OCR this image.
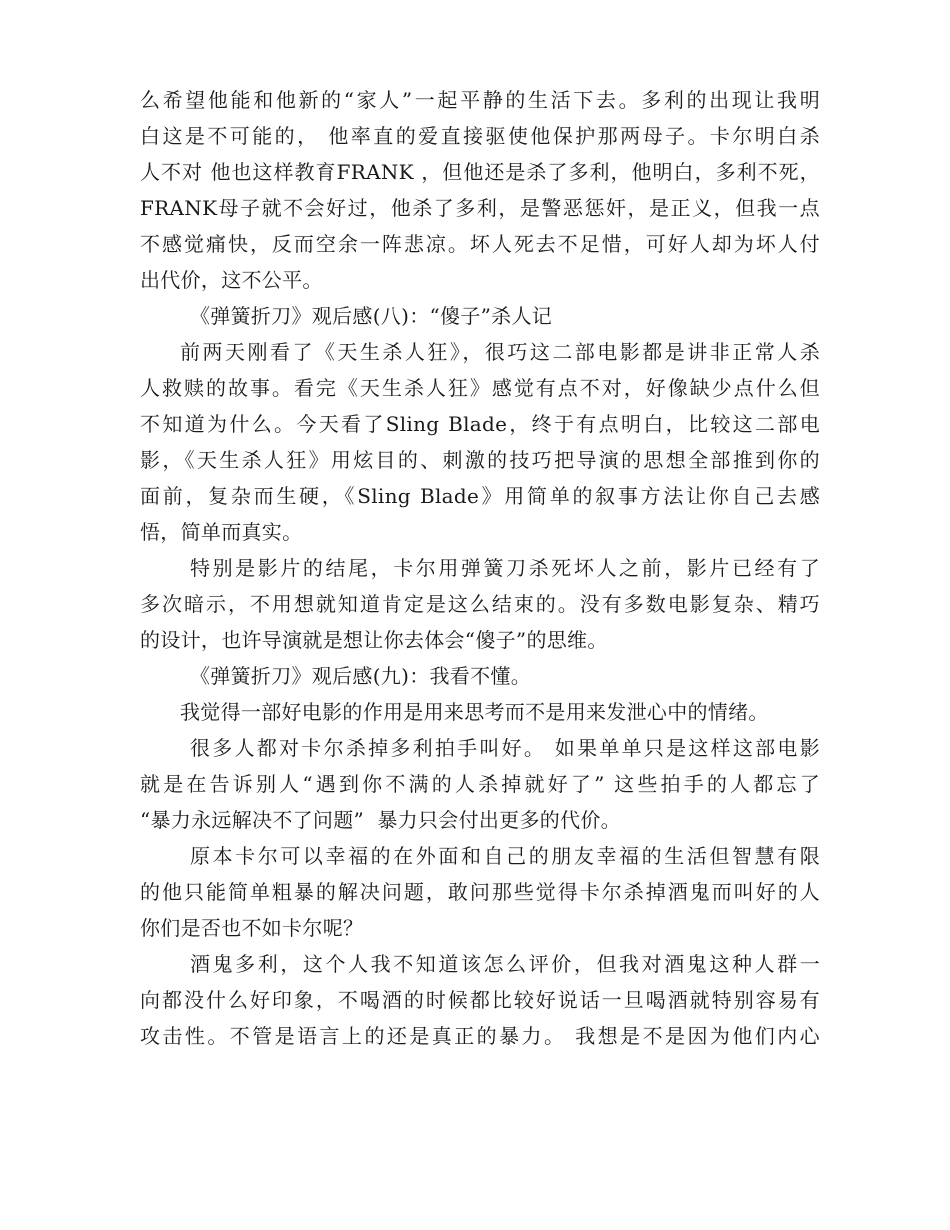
么希望他能和他新的“家人”一起平静的生活下去。多利的出现让我明
白这是不可能的， 他率直的爱直接驱使他保护那两母子。卡尔明白杀
人不对 他也这样教育FRANK ，但他还是杀了多利，他明白，多利不死，
FRANK母子就不会好过，他杀了多利，是警恶惩奸，是正义，但我一点
不感觉痛快，反而空余一阵悲凉。坏人死去不足惜，可好人却为坏人付
出代价，这不公平。
《弹簧折刀》观后感(八)：“傻子”杀人记
前两天刚看了《天生杀人狂》，很巧这二部电影都是讲非正常人杀
人救赎的故事。看完《天生杀人狂》感觉有点不对，好像缺少点什么但
不知道为什么。今天看了Sling Blade，终于有点明白，比较这二部电
影，《天生杀人狂》用炫目的、刺激的技巧把导演的思想全部推到你的
面前，复杂而生硬，《Sling Blade》用简单的叙事方法让你自己去感
悟，简单而真实。
特别是影片的结尾，卡尔用弹簧刀杀死坏人之前，影片已经有了
多次暗示，不用想就知道肯定是这么结束的。没有多数电影复杂、精巧
的设计，也许导演就是想让你去体会“傻子”的思维。
《弹簧折刀》观后感(九)：我看不懂。
我觉得一部好电影的作用是用来思考而不是用来发泄心中的情绪。
很多人都对卡尔杀掉多利拍手叫好。 如果单单只是这样这部电影
就是在告诉别人“遇到你不满的人杀掉就好了” 这些拍手的人都忘了
“暴力永远解决不了问题”  暴力只会付出更多的代价。
原本卡尔可以幸福的在外面和自己的朋友幸福的生活但智慧有限
的他只能简单粗暴的解决问题，敢问那些觉得卡尔杀掉酒鬼而叫好的人
你们是否也不如卡尔呢？
酒鬼多利，这个人我不知道该怎么评价，但我对酒鬼这种人群一
向都没什么好印象，不喝酒的时候都比较好说话一旦喝酒就特别容易有
攻击性。不管是语言上的还是真正的暴力。 我想是不是因为他们内心
